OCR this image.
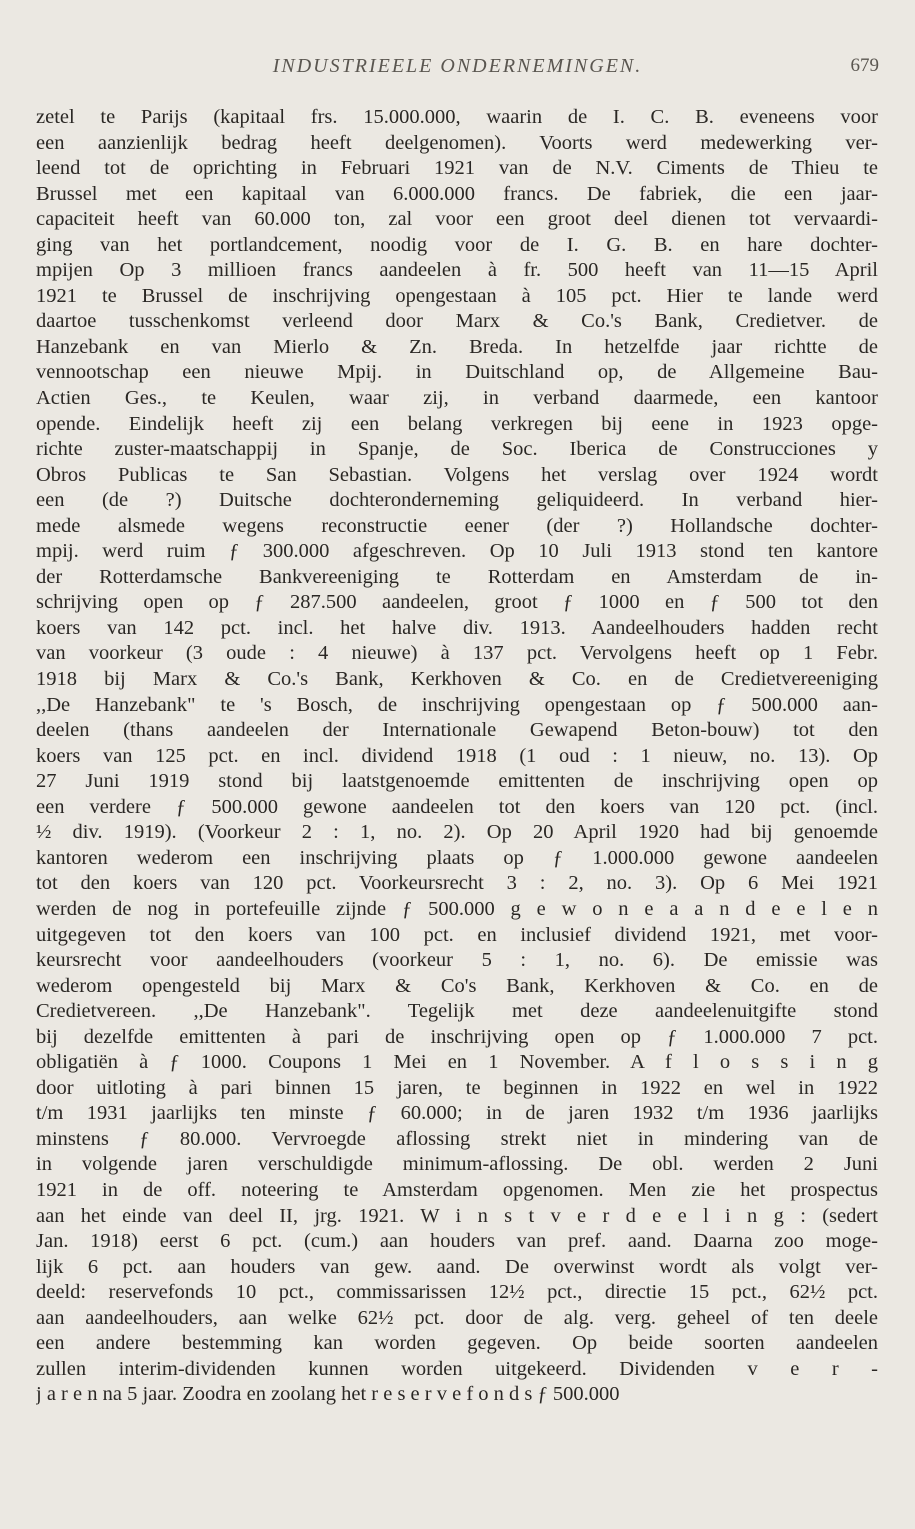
INDUSTRIEELE ONDERNEMINGEN.	679
zetel te Parijs (kapitaal frs. 15.000.000, waarin de I. C. B. eveneens voor
een aanzienlijk bedrag heeft deelgenomen). Voorts werd medewerking ver-
leend tot de oprichting in Februari 1921 van de N.V. Ciments de Thieu te
Brussel met een kapitaal van 6.000.000 francs. De fabriek, die een jaar-
capaciteit heeft van 60.000 ton, zal voor een groot deel dienen tot vervaardi-
ging van het portlandcement, noodig voor de I. G. B. en hare dochter-
mpijen Op 3 millioen francs aandeelen à fr. 500 heeft van 11—15 April
1921 te Brussel de inschrijving opengestaan à 105 pct. Hier te lande werd
daartoe tusschenkomst verleend door Marx & Co.'s Bank, Credietver. de
Hanzebank en van Mierlo & Zn. Breda. In hetzelfde jaar richtte de
vennootschap een nieuwe Mpij. in Duitschland op, de Allgemeine Bau-
Actien Ges., te Keulen, waar zij, in verband daarmede, een kantoor
opende. Eindelijk heeft zij een belang verkregen bij eene in 1923 opge-
richte zuster-maatschappij in Spanje, de Soc. Iberica de Construcciones y
Obros Publicas te San Sebastian. Volgens het verslag over 1924 wordt
een (de ?) Duitsche dochteronderneming geliquideerd. In verband hier-
mede alsmede wegens reconstructie eener (der ?) Hollandsche dochter-
mpij. werd ruim ƒ 300.000 afgeschreven. Op 10 Juli 1913 stond ten kantore
der Rotterdamsche Bankvereeniging te Rotterdam en Amsterdam de in-
schrijving open op ƒ 287.500 aandeelen, groot ƒ 1000 en ƒ 500 tot den
koers van 142 pct. incl. het halve div. 1913. Aandeelhouders hadden recht
van voorkeur (3 oude : 4 nieuwe) à 137 pct. Vervolgens heeft op 1 Febr.
1918 bij Marx & Co.'s Bank, Kerkhoven & Co. en de Credietvereeniging
,,De Hanzebank" te 's Bosch, de inschrijving opengestaan op ƒ 500.000 aan-
deelen (thans aandeelen der Internationale Gewapend Beton-bouw) tot den
koers van 125 pct. en incl. dividend 1918 (1 oud : 1 nieuw, no. 13). Op
27 Juni 1919 stond bij laatstgenoemde emittenten de inschrijving open op
een verdere ƒ 500.000 gewone aandeelen tot den koers van 120 pct. (incl.
½ div. 1919). (Voorkeur 2 : 1, no. 2). Op 20 April 1920 had bij genoemde
kantoren wederom een inschrijving plaats op ƒ 1.000.000 gewone aandeelen
tot den koers van 120 pct. Voorkeursrecht 3 : 2, no. 3). Op 6 Mei 1921
werden de nog in portefeuille zijnde ƒ 500.000 g e w o n e a a n d e e l e n
uitgegeven tot den koers van 100 pct. en inclusief dividend 1921, met voor-
keursrecht voor aandeelhouders (voorkeur 5 : 1, no. 6). De emissie was
wederom opengesteld bij Marx & Co's Bank, Kerkhoven & Co. en de
Credietvereen. ,,De Hanzebank". Tegelijk met deze aandeelenuitgifte stond
bij dezelfde emittenten à pari de inschrijving open op ƒ 1.000.000 7 pct.
obligatiën à ƒ 1000. Coupons 1 Mei en 1 November. A f l o s s i n g
door uitloting à pari binnen 15 jaren, te beginnen in 1922 en wel in 1922
t/m 1931 jaarlijks ten minste ƒ 60.000; in de jaren 1932 t/m 1936 jaarlijks
minstens ƒ 80.000. Vervroegde aflossing strekt niet in mindering van de
in volgende jaren verschuldigde minimum-aflossing. De obl. werden 2 Juni
1921 in de off. noteering te Amsterdam opgenomen. Men zie het prospectus
aan het einde van deel II, jrg. 1921. W i n s t v e r d e e l i n g : (sedert
Jan. 1918) eerst 6 pct. (cum.) aan houders van pref. aand. Daarna zoo moge-
lijk 6 pct. aan houders van gew. aand. De overwinst wordt als volgt ver-
deeld: reservefonds 10 pct., commissarissen 12½ pct., directie 15 pct., 62½ pct.
aan aandeelhouders, aan welke 62½ pct. door de alg. verg. geheel of ten deele
een andere bestemming kan worden gegeven. Op beide soorten aandeelen
zullen interim-dividenden kunnen worden uitgekeerd. Dividenden v e r -
j a r e n na 5 jaar. Zoodra en zoolang het r e s e r v e f o n d s ƒ 500.000
